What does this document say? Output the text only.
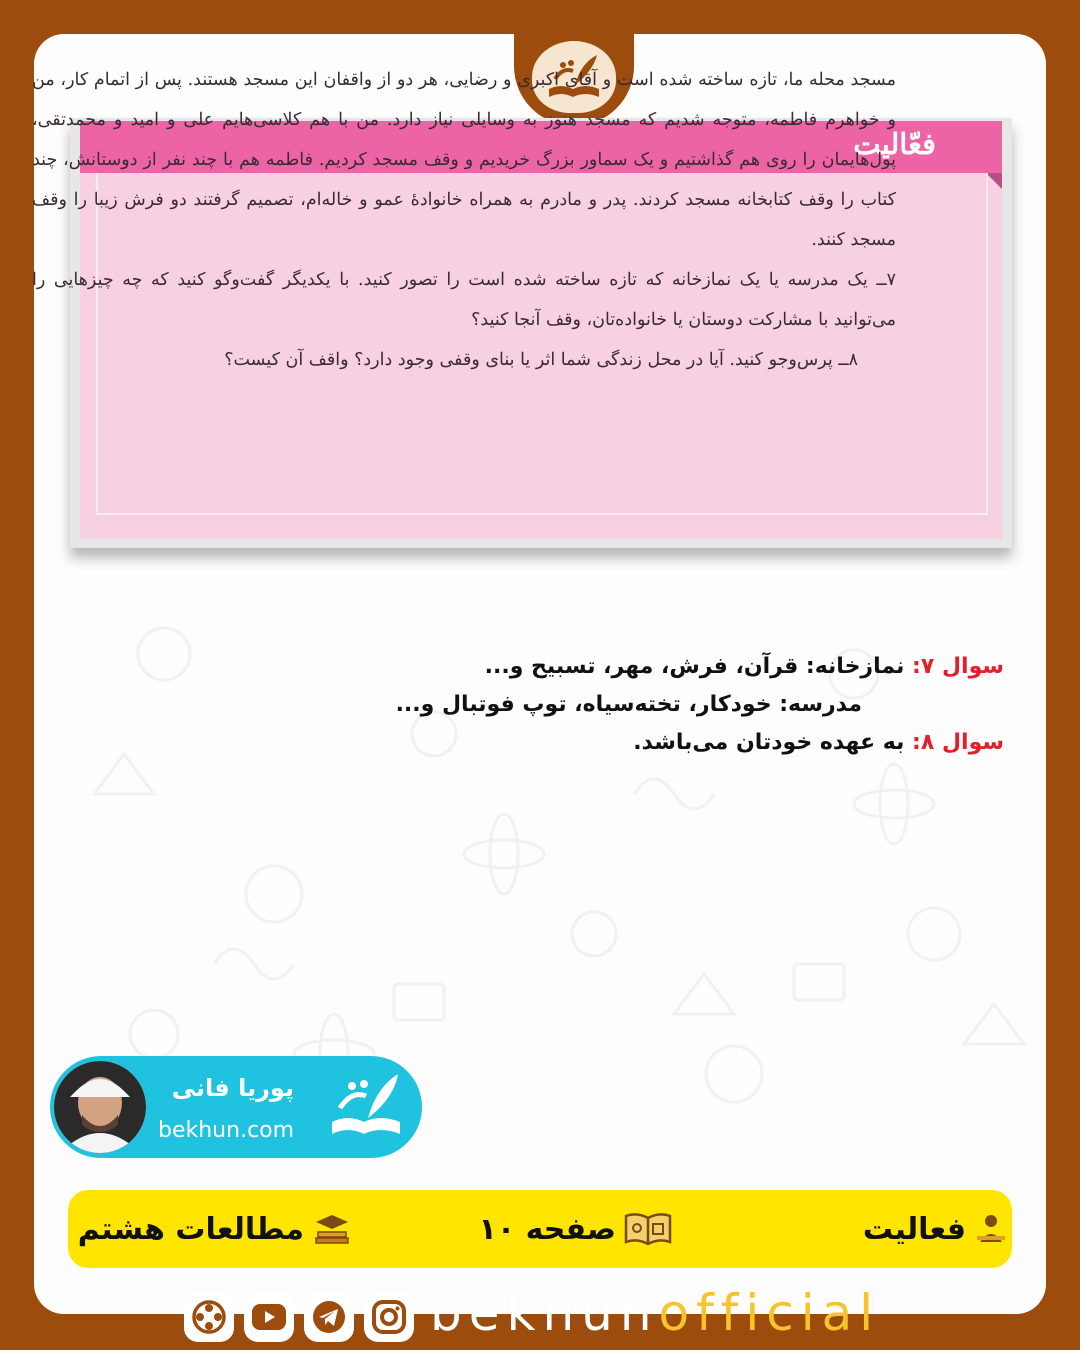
فعّالیت

مسجد محله ما، تازه ساخته شده است و آقای اکبری و رضایی، هر دو از واقفان این مسجد هستند. پس از اتمام کار، من و خواهرم فاطمه، متوجه شدیم که مسجد هنوز به وسایلی نیاز دارد. من با هم کلاسی‌هایم علی و امید و محمدتقی، پول‌هایمان را روی هم گذاشتیم و یک سماور بزرگ خریدیم و وقف مسجد کردیم. فاطمه هم با چند نفر از دوستانش، چند کتاب را وقف کتابخانه مسجد کردند. پدر و مادرم به همراه خانوادهٔ عمو و خاله‌ام، تصمیم گرفتند دو فرش زیبا را وقف مسجد کنند.

۷ــ یک مدرسه یا یک نمازخانه که تازه ساخته شده است را تصور کنید. با یکدیگر گفت‌وگو کنید که چه چیزهایی را می‌توانید با مشارکت دوستان یا خانواده‌تان، وقف آنجا کنید؟

۸ــ پرس‌وجو کنید. آیا در محل زندگی شما اثر یا بنای وقفی وجود دارد؟ واقف آن کیست؟

سوال ۷: نمازخانه: قرآن، فرش، مهر، تسبیح و...
مدرسه: خودکار، تخته‌سیاه، توپ فوتبال و...
سوال ۸: به عهده خودتان می‌باشد.
پوریا فانی
bekhun.com
فعالیت
صفحه ۱۰
مطالعات هشتم
bekhunofficial
